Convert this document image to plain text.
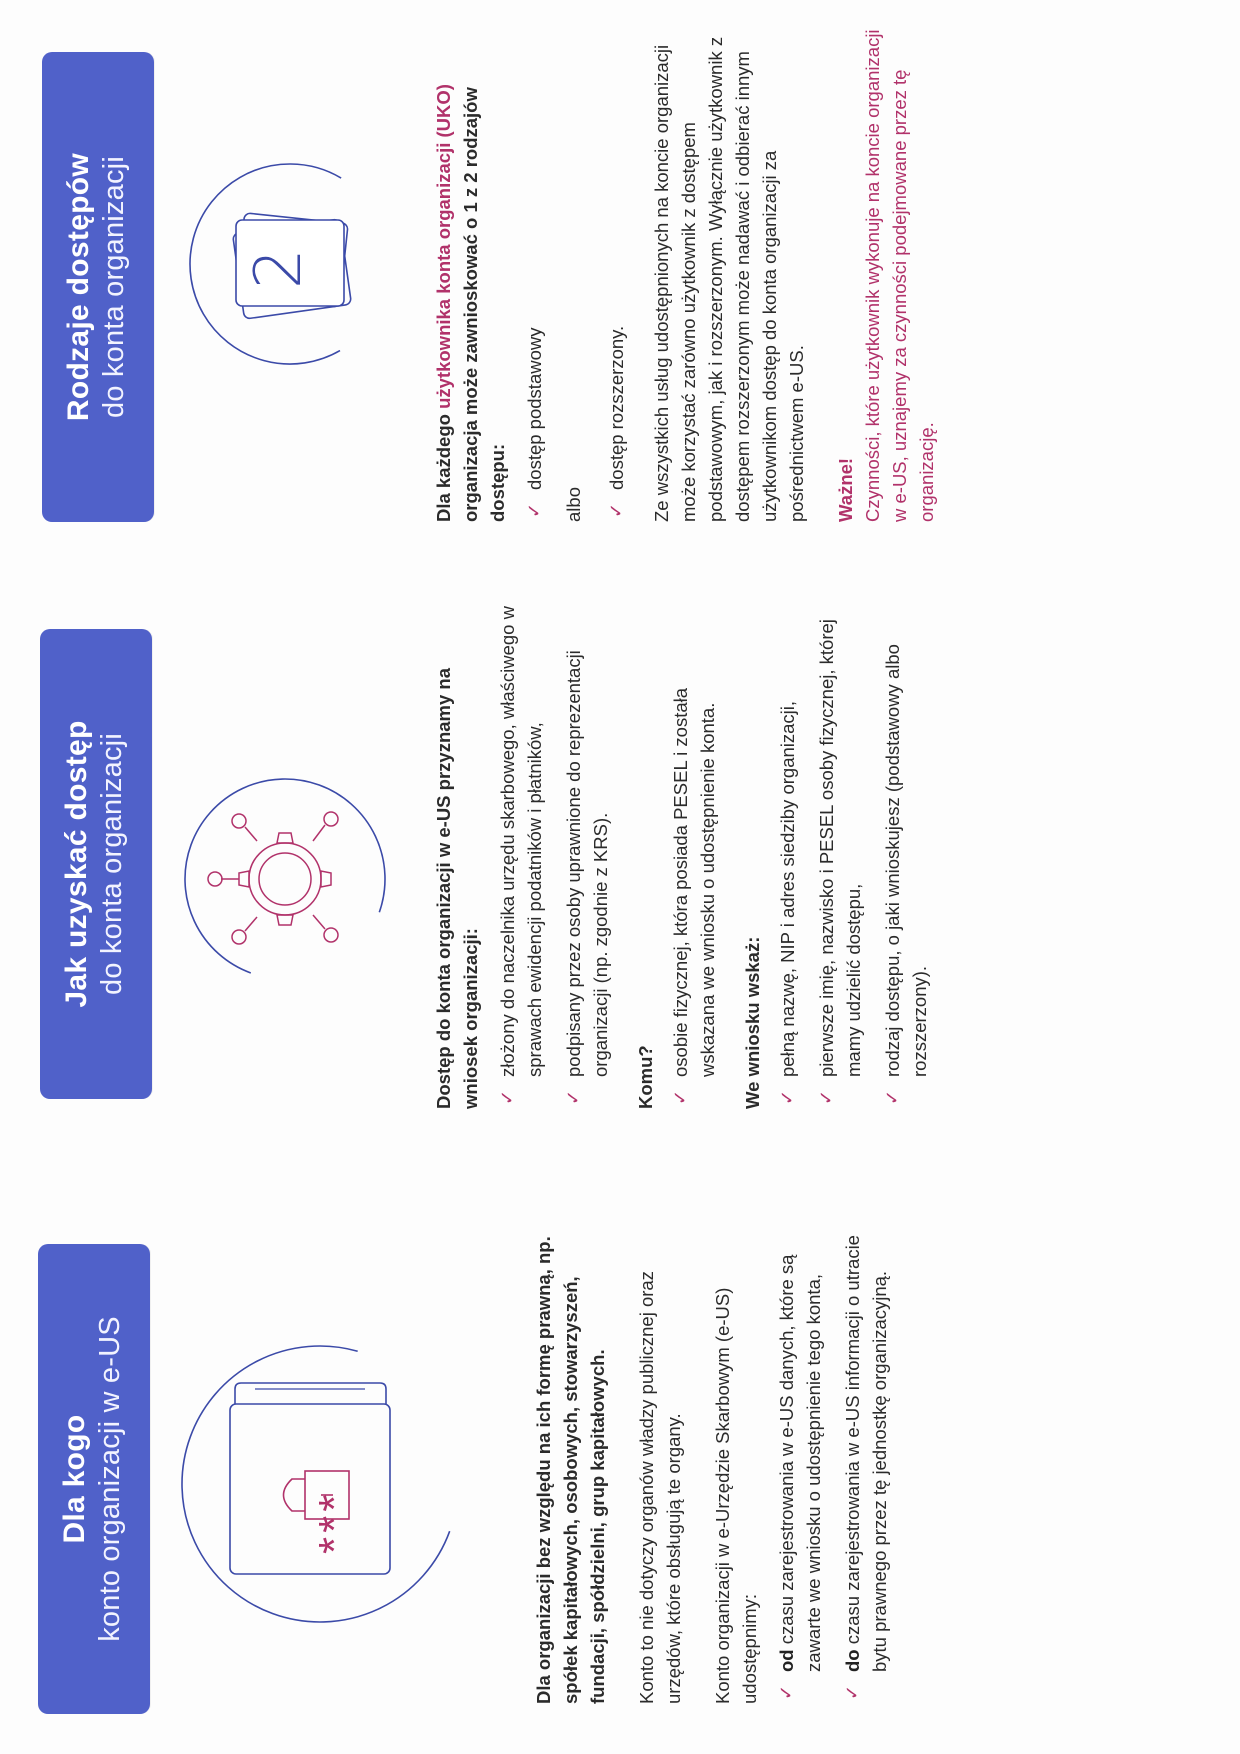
Dla kogo konto organizacji w e-US	***	Dla organizacji bez względu na ich formę prawną, np. spółek kapitałowych, osobowych, stowarzyszeń, fundacji, spółdzielni, grup kapitałowych. Konto to nie dotyczy organów władzy publicznej oraz urzędów, które obsługują te organy. Konto organizacji w e-Urzędzie Skarbowym (e-US) udostępnimy: ✓
od czasu zarejestrowania w e-US danych, które są zawarte we wniosku o udostępnienie tego konta,
✓
do czasu zarejestrowania w e-US informacji o utracie bytu prawnego przez tę jednostkę organizacyjną.
Jak uzyskać dostęp do konta organizacji	Dostęp do konta organizacji w e-US przyznamy na wniosek organizacji: ✓
złożony do naczelnika urzędu skarbowego, właściwego w sprawach ewidencji podatników i płatników,
✓
podpisany przez osoby uprawnione do reprezentacji organizacji (np. zgodnie z KRS).
Komu? ✓
osobie fizycznej, która posiada PESEL i została wskazana we wniosku o udostępnienie konta. We wniosku wskaż: ✓
pełną nazwę, NIP i adres siedziby organizacji,
✓
pierwsze imię, nazwisko i PESEL osoby fizycznej, której mamy udzielić dostępu,
✓
rodzaj dostępu, o jaki wnioskujesz (podstawowy albo rozszerzony).
Rodzaje dostępów do konta organizacji 2

Dla każdego użytkownika konta organizacji (UKO) organizacja może zawnioskować o 1 z 2 rodzajów dostępu: ✓
dostęp podstawowy
albo ✓
dostęp rozszerzony. Ze wszystkich usług udostępnionych na koncie organizacji może korzystać zarówno użytkownik z dostępem podstawowym, jak i rozszerzonym. Wyłącznie użytkownik z dostępem rozszerzonym może nadawać i odbierać innym użytkownikom dostęp do konta organizacji za pośrednictwem e-US. Ważne! Czynności, które użytkownik wykonuje na koncie organizacji w e-US, uznajemy za czynności podejmowane przez tę organizację.
